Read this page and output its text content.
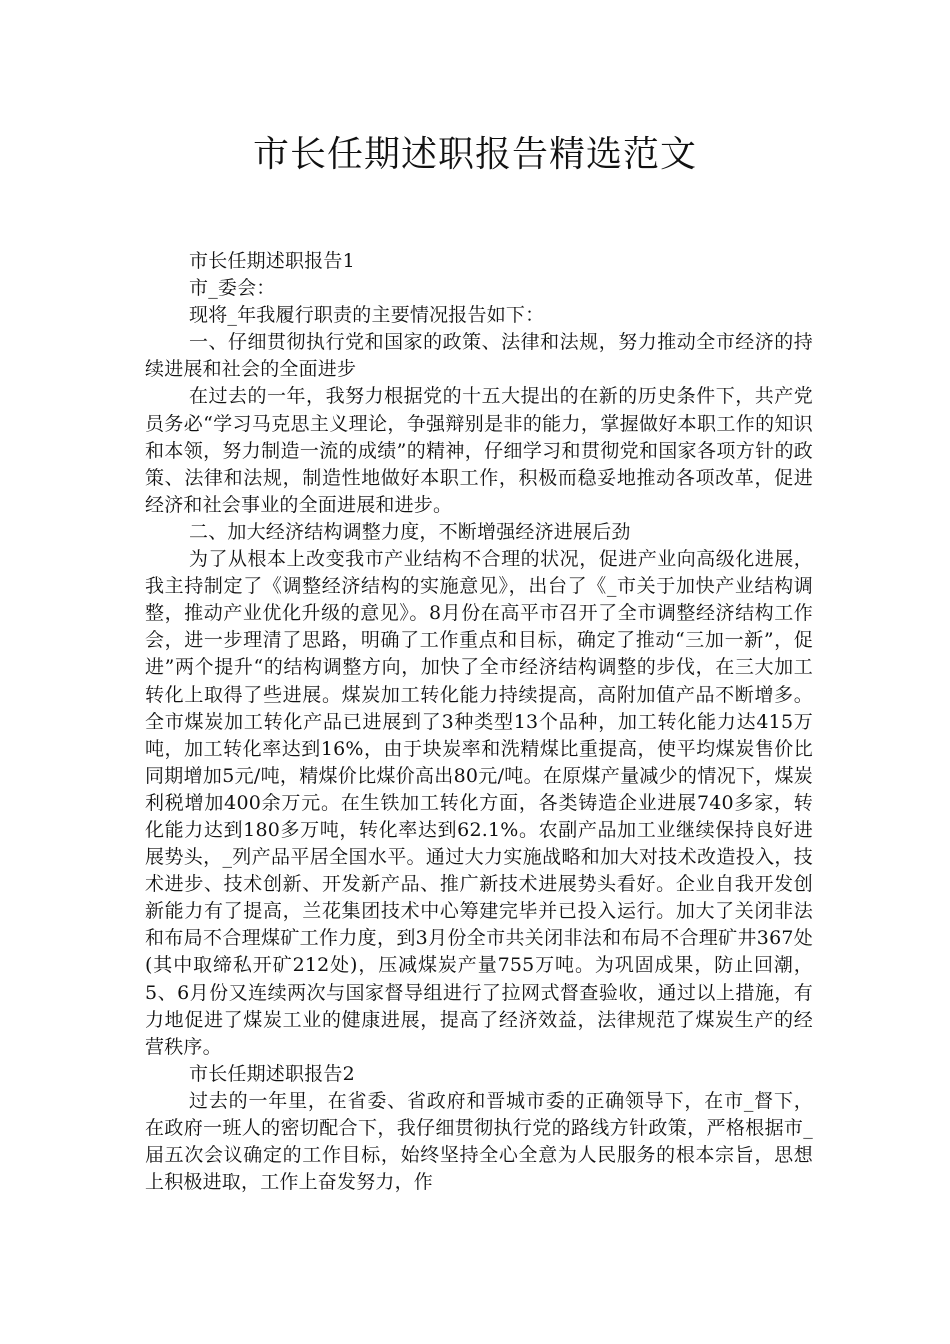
市长任期述职报告精选范文

市长任期述职报告1

市_委会：

现将_年我履行职责的主要情况报告如下：

一、仔细贯彻执行党和国家的政策、法律和法规，努力推动全市经济的持续进展和社会的全面进步

在过去的一年，我努力根据党的十五大提出的在新的历史条件下，共产党员务必“学习马克思主义理论，争强辩别是非的能力，掌握做好本职工作的知识和本领，努力制造一流的成绩”的精神，仔细学习和贯彻党和国家各项方针的政策、法律和法规，制造性地做好本职工作，积极而稳妥地推动各项改革，促进经济和社会事业的全面进展和进步。

二、加大经济结构调整力度，不断增强经济进展后劲

为了从根本上改变我市产业结构不合理的状况，促进产业向高级化进展，我主持制定了《调整经济结构的实施意见》，出台了《_市关于加快产业结构调整，推动产业优化升级的意见》。8月份在高平市召开了全市调整经济结构工作会，进一步理清了思路，明确了工作重点和目标，确定了推动“三加一新”，促进”两个提升“的结构调整方向，加快了全市经济结构调整的步伐，在三大加工转化上取得了些进展。煤炭加工转化能力持续提高，高附加值产品不断增多。全市煤炭加工转化产品已进展到了3种类型13个品种，加工转化能力达415万吨，加工转化率达到16%，由于块炭率和洗精煤比重提高，使平均煤炭售价比同期增加5元/吨，精煤价比煤价高出80元/吨。在原煤产量减少的情况下，煤炭利税增加400余万元。在生铁加工转化方面，各类铸造企业进展740多家，转化能力达到180多万吨，转化率达到62.1%。农副产品加工业继续保持良好进展势头，_列产品平居全国水平。通过大力实施战略和加大对技术改造投入，技术进步、技术创新、开发新产品、推广新技术进展势头看好。企业自我开发创新能力有了提高，兰花集团技术中心筹建完毕并已投入运行。加大了关闭非法和布局不合理煤矿工作力度，到3月份全市共关闭非法和布局不合理矿井367处(其中取缔私开矿212处)，压减煤炭产量755万吨。为巩固成果，防止回潮，5、6月份又连续两次与国家督导组进行了拉网式督查验收，通过以上措施，有力地促进了煤炭工业的健康进展，提高了经济效益，法律规范了煤炭生产的经营秩序。

市长任期述职报告2

过去的一年里，在省委、省政府和晋城市委的正确领导下，在市_督下，在政府一班人的密切配合下，我仔细贯彻执行党的路线方针政策，严格根据市_届五次会议确定的工作目标，始终坚持全心全意为人民服务的根本宗旨，思想上积极进取，工作上奋发努力，作
